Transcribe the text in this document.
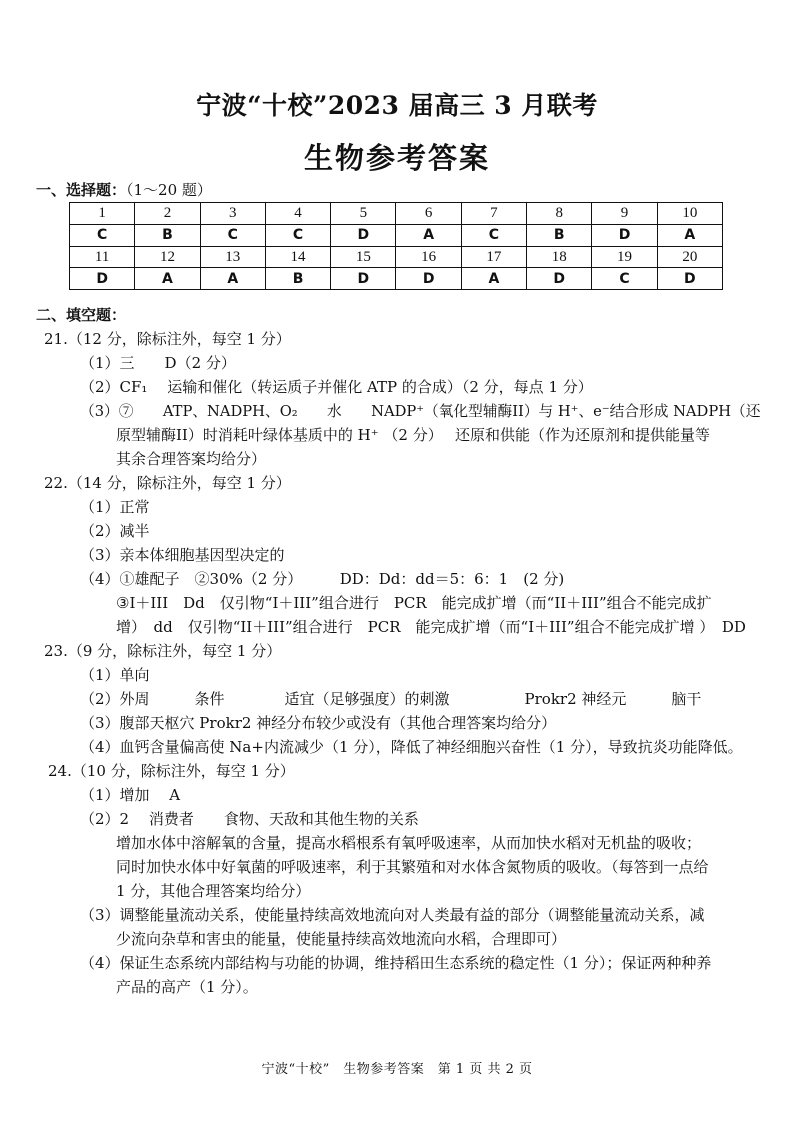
宁波“十校”2023 届高三 3 月联考
生物参考答案
一、选择题：（1～20 题）
1	2	3	4	5	6	7	8	9	10
C	B	C	C	D	A	C	B	D	A
11	12	13	14	15	16	17	18	19	20
D	A	A	B	D	D	A	D	C	D
二、填空题：
21.（12 分，除标注外，每空 1 分）
（1）三　　D（2 分）
（2）CF₁　 运输和催化（转运质子并催化 ATP 的合成）（2 分，每点 1 分）
（3）⑦　　ATP、NADPH、O₂　　水　　NADP⁺（氧化型辅酶II）与 H⁺、e⁻结合形成 NADPH（还
原型辅酶II）时消耗叶绿体基质中的 H⁺ （2 分）　 还原和供能（作为还原剂和提供能量等
其余合理答案均给分）
22.（14 分，除标注外，每空 1 分）
（1）正常
（2）减半
（3）亲本体细胞基因型决定的
（4）①雄配子　②30%（2 分）　　　DD：Dd：dd＝5：6：1　(2 分)
③I＋III　Dd　仅引物“I＋III”组合进行　PCR　能完成扩增（而“II＋III”组合不能完成扩
增）　dd　仅引物“II＋III”组合进行　PCR　能完成扩增（而“I＋III”组合不能完成扩增 ）　DD
23.（9 分，除标注外，每空 1 分）
（1）单向
（2）外周　　　条件　　　　适宜（足够强度）的刺激　　　　　Prokr2 神经元　　　脑干
（3）腹部天枢穴 Prokr2 神经分布较少或没有（其他合理答案均给分）
（4）血钙含量偏高使 Na+内流减少（1 分），降低了神经细胞兴奋性（1 分），导致抗炎功能降低。
24.（10 分，除标注外，每空 1 分）
（1）增加　 A
（2）2　 消费者　　食物、天敌和其他生物的关系
增加水体中溶解氧的含量，提高水稻根系有氧呼吸速率，从而加快水稻对无机盐的吸收；
同时加快水体中好氧菌的呼吸速率，利于其繁殖和对水体含氮物质的吸收。（每答到一点给
1 分，其他合理答案均给分）
（3）调整能量流动关系，使能量持续高效地流向对人类最有益的部分（调整能量流动关系，减
少流向杂草和害虫的能量，使能量持续高效地流向水稻，合理即可）
（4）保证生态系统内部结构与功能的协调，维持稻田生态系统的稳定性（1 分）；保证两种种养
产品的高产（1 分）。
宁波“十校”　生物参考答案　第 1 页 共 2 页
